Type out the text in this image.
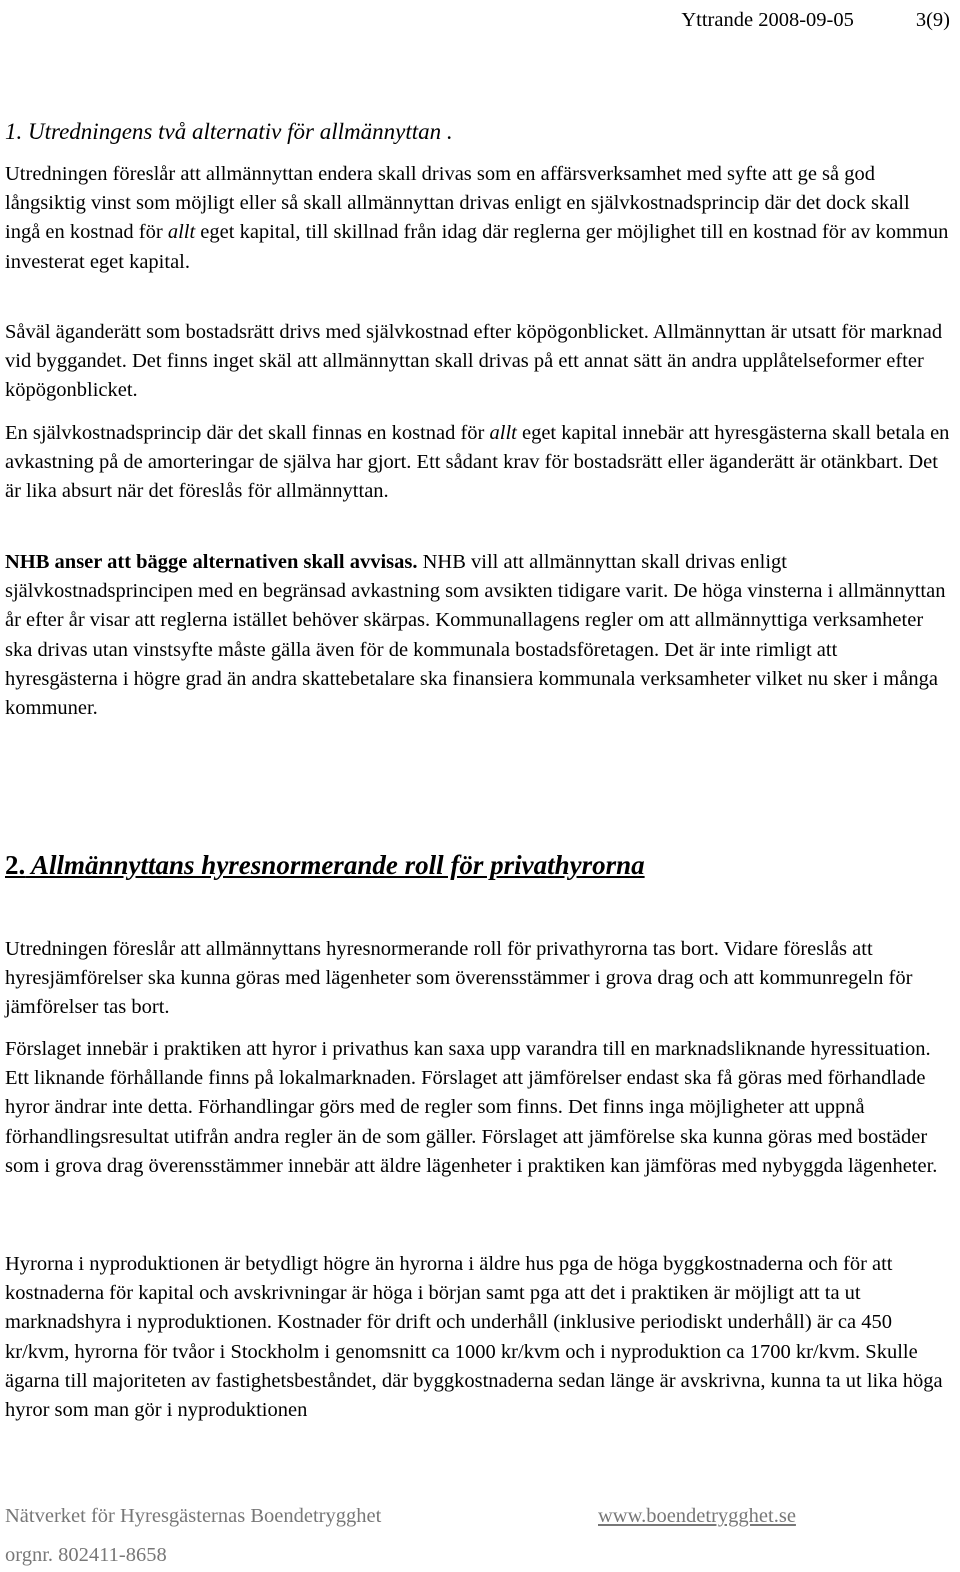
Yttrande 2008-09-05	3(9)
1. Utredningens två alternativ för allmännyttan .

Utredningen föreslår att allmännyttan endera skall drivas som en affärsverksamhet med syfte att ge så god långsiktig vinst som möjligt eller så skall allmännyttan drivas enligt en självkostnadsprincip där det dock skall ingå en kostnad för allt eget kapital, till skillnad från idag där reglerna ger möjlighet till en kostnad för av kommun investerat eget kapital.

Såväl äganderätt som bostadsrätt drivs med självkostnad efter köpögonblicket. Allmännyttan är utsatt för marknad vid byggandet. Det finns inget skäl att allmännyttan skall drivas på ett annat sätt än andra upplåtelseformer efter köpögonblicket.

En självkostnadsprincip där det skall finnas en kostnad för allt eget kapital innebär att hyresgästerna skall betala en avkastning på de amorteringar de själva har gjort. Ett sådant krav för bostadsrätt eller äganderätt är otänkbart. Det är lika absurt när det föreslås för allmännyttan.

NHB anser att bägge alternativen skall avvisas. NHB vill att allmännyttan skall drivas enligt självkostnadsprincipen med en begränsad avkastning som avsikten tidigare varit. De höga vinsterna i allmännyttan år efter år visar att reglerna istället behöver skärpas. Kommunallagens regler om att allmännyttiga verksamheter ska drivas utan vinstsyfte måste gälla även för de kommunala bostadsföretagen. Det är inte rimligt att hyresgästerna i högre grad än andra skattebetalare ska finansiera kommunala verksamheter vilket nu sker i många kommuner.

2. Allmännyttans hyresnormerande roll för privathyrorna

Utredningen föreslår att allmännyttans hyresnormerande roll för privathyrorna tas bort. Vidare föreslås att hyresjämförelser ska kunna göras med lägenheter som överensstämmer i grova drag och att kommunregeln för jämförelser tas bort.

Förslaget innebär i praktiken att hyror i privathus kan saxa upp varandra till en marknadsliknande hyressituation. Ett liknande förhållande finns på lokalmarknaden. Förslaget att jämförelser endast ska få göras med förhandlade hyror ändrar inte detta. Förhandlingar görs med de regler som finns. Det finns inga möjligheter att uppnå förhandlingsresultat utifrån andra regler än de som gäller. Förslaget att jämförelse ska kunna göras med bostäder som i grova drag överensstämmer innebär att äldre lägenheter i praktiken kan jämföras med nybyggda lägenheter.

Hyrorna i nyproduktionen är betydligt högre än hyrorna i äldre hus pga de höga byggkostnaderna och för att kostnaderna för kapital och avskrivningar är höga i början samt pga att det i praktiken är möjligt att ta ut marknadshyra i nyproduktionen. Kostnader för drift och underhåll (inklusive periodiskt underhåll) är ca 450 kr/kvm, hyrorna för tvåor i Stockholm i genomsnitt ca 1000 kr/kvm och i nyproduktion ca 1700 kr/kvm. Skulle ägarna till majoriteten av fastighetsbeståndet, där byggkostnaderna sedan länge är avskrivna, kunna ta ut lika höga hyror som man gör i nyproduktionen

Nätverket för Hyresgästernas Boendetrygghet	www.boendetrygghet.se
orgnr. 802411-8658
